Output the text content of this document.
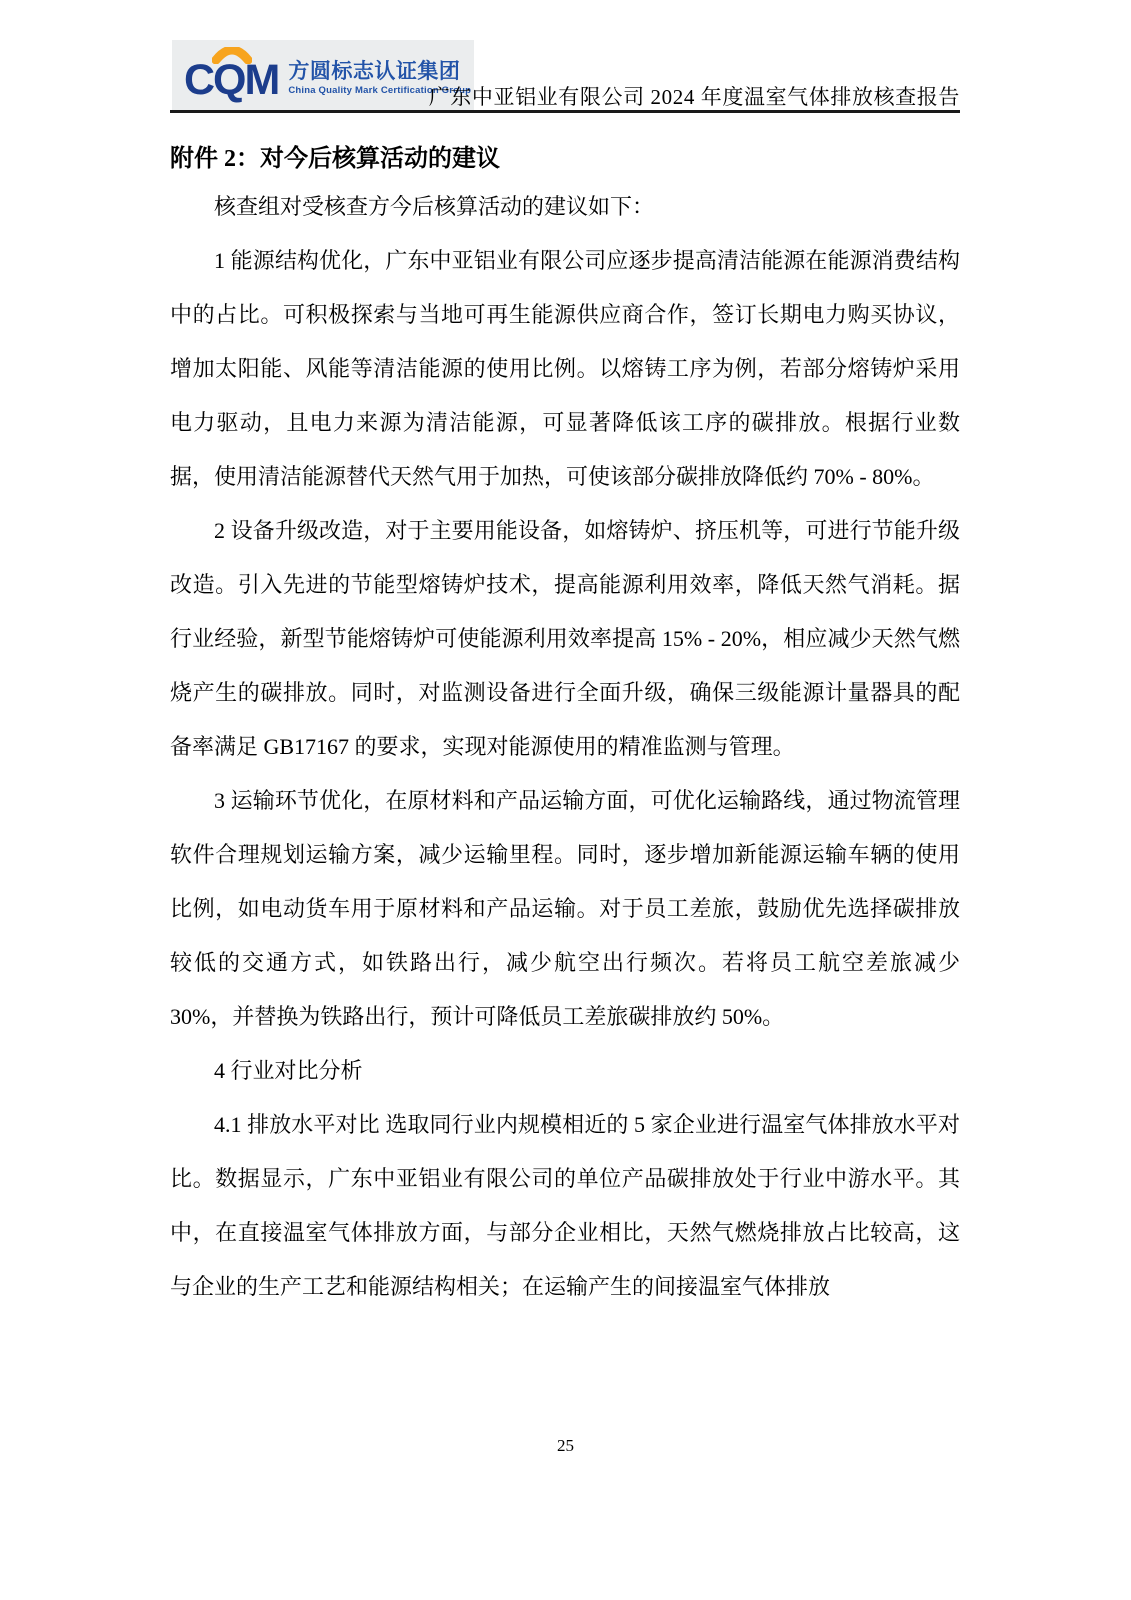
CQM 方圆标志认证集团
China Quality Mark Certification Group
广东中亚铝业有限公司 2024 年度温室气体排放核查报告
附件 2：对今后核算活动的建议

核查组对受核查方今后核算活动的建议如下：

1 能源结构优化，广东中亚铝业有限公司应逐步提高清洁能源在能源消费结构中的占比。可积极探索与当地可再生能源供应商合作，签订长期电力购买协议，增加太阳能、风能等清洁能源的使用比例。以熔铸工序为例，若部分熔铸炉采用电力驱动，且电力来源为清洁能源，可显著降低该工序的碳排放。根据行业数据，使用清洁能源替代天然气用于加热，可使该部分碳排放降低约 70% - 80%。

2 设备升级改造，对于主要用能设备，如熔铸炉、挤压机等，可进行节能升级改造。引入先进的节能型熔铸炉技术，提高能源利用效率，降低天然气消耗。据行业经验，新型节能熔铸炉可使能源利用效率提高 15% - 20%，相应减少天然气燃烧产生的碳排放。同时，对监测设备进行全面升级，确保三级能源计量器具的配备率满足 GB17167 的要求，实现对能源使用的精准监测与管理。

3 运输环节优化，在原材料和产品运输方面，可优化运输路线，通过物流管理软件合理规划运输方案，减少运输里程。同时，逐步增加新能源运输车辆的使用比例，如电动货车用于原材料和产品运输。对于员工差旅，鼓励优先选择碳排放较低的交通方式，如铁路出行，减少航空出行频次。若将员工航空差旅减少 30%，并替换为铁路出行，预计可降低员工差旅碳排放约 50%。

4 行业对比分析

4.1 排放水平对比 选取同行业内规模相近的 5 家企业进行温室气体排放水平对比。数据显示，广东中亚铝业有限公司的单位产品碳排放处于行业中游水平。其中，在直接温室气体排放方面，与部分企业相比，天然气燃烧排放占比较高，这与企业的生产工艺和能源结构相关；在运输产生的间接温室气体排放

25
